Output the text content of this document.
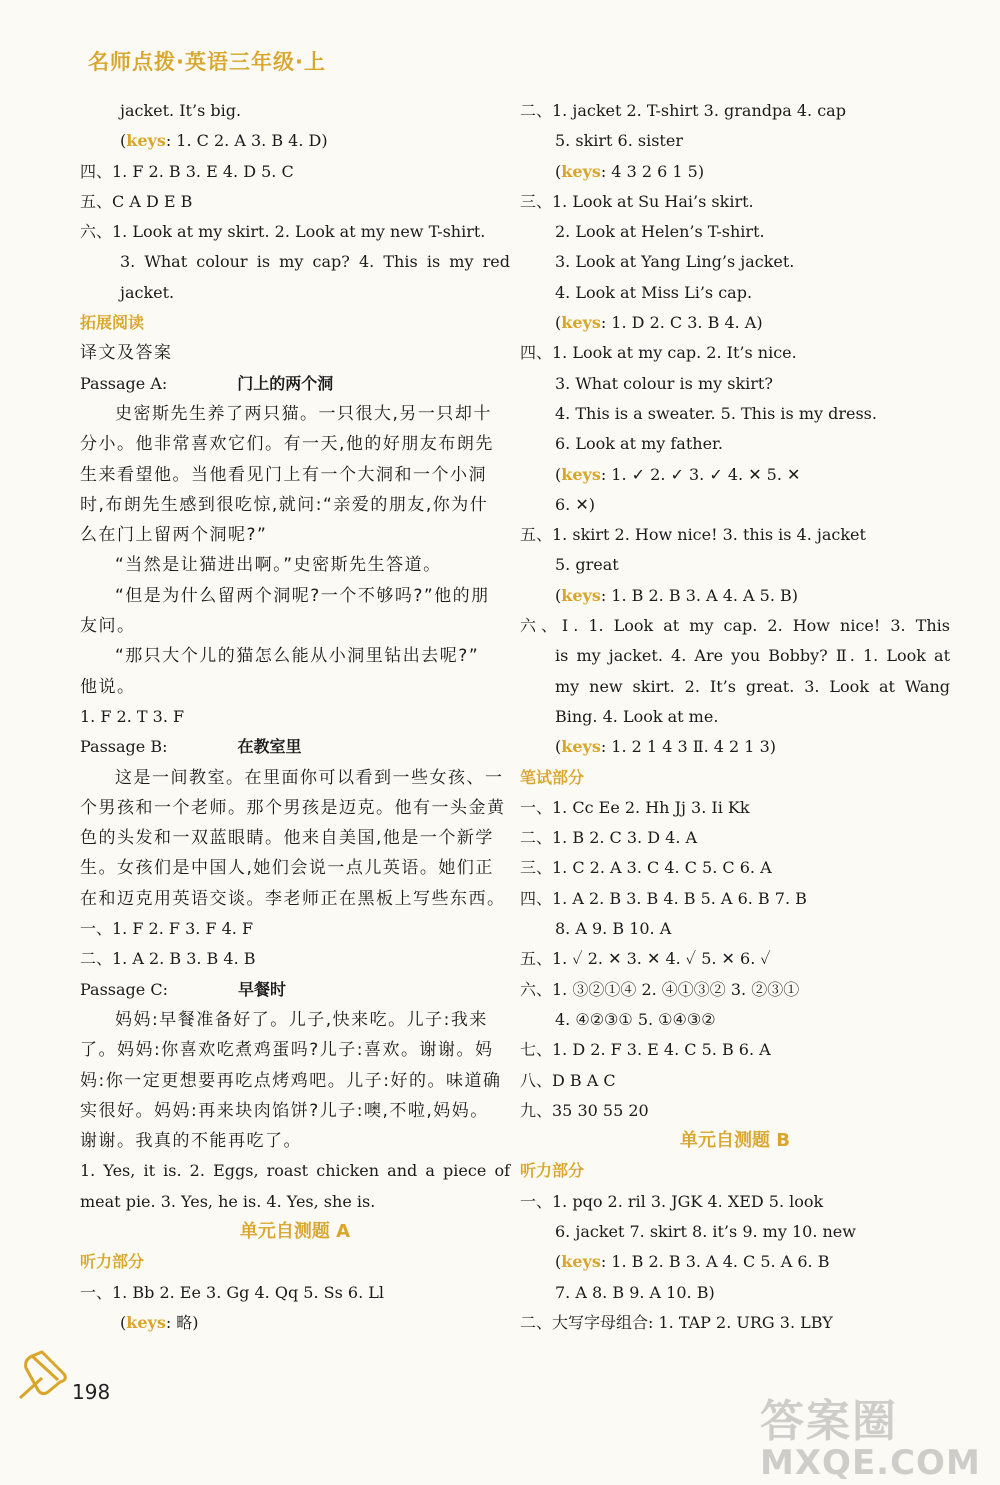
名师点拨·英语三年级·上
jacket. It’s big.
(keys: 1. C 2. A 3. B 4. D)
四、1. F 2. B 3. E 4. D 5. C
五、C A D E B
六、1. Look at my skirt. 2. Look at my new T-shirt.
3. What colour is my cap? 4. This is my red
jacket.
拓展阅读
译文及答案
Passage A:	门上的两个洞
史密斯先生养了两只猫。一只很大,另一只却十
分小。他非常喜欢它们。有一天,他的好朋友布朗先
生来看望他。当他看见门上有一个大洞和一个小洞
时,布朗先生感到很吃惊,就问:“亲爱的朋友,你为什
么在门上留两个洞呢?”
“当然是让猫进出啊。”史密斯先生答道。
“但是为什么留两个洞呢?一个不够吗?”他的朋
友问。
“那只大个儿的猫怎么能从小洞里钻出去呢?”
他说。
1. F 2. T 3. F
Passage B:	在教室里
这是一间教室。在里面你可以看到一些女孩、一
个男孩和一个老师。那个男孩是迈克。他有一头金黄
色的头发和一双蓝眼睛。他来自美国,他是一个新学
生。女孩们是中国人,她们会说一点儿英语。她们正
在和迈克用英语交谈。李老师正在黑板上写些东西。
一、1. F 2. F 3. F 4. F
二、1. A 2. B 3. B 4. B
Passage C:	早餐时
妈妈:早餐准备好了。儿子,快来吃。儿子:我来
了。妈妈:你喜欢吃煮鸡蛋吗?儿子:喜欢。谢谢。妈
妈:你一定更想要再吃点烤鸡吧。儿子:好的。味道确
实很好。妈妈:再来块肉馅饼?儿子:噢,不啦,妈妈。
谢谢。我真的不能再吃了。
1. Yes, it is. 2. Eggs, roast chicken and a piece of
meat pie. 3. Yes, he is. 4. Yes, she is.
单元自测题 A
听力部分
一、1. Bb 2. Ee 3. Gg 4. Qq 5. Ss 6. Ll
(keys: 略)
二、1. jacket 2. T-shirt 3. grandpa 4. cap
5. skirt 6. sister
(keys: 4 3 2 6 1 5)
三、1. Look at Su Hai’s skirt.
2. Look at Helen’s T-shirt.
3. Look at Yang Ling’s jacket.
4. Look at Miss Li’s cap.
(keys: 1. D 2. C 3. B 4. A)
四、1. Look at my cap. 2. It’s nice.
3. What colour is my skirt?
4. This is a sweater. 5. This is my dress.
6. Look at my father.
(keys: 1. ✓ 2. ✓ 3. ✓ 4. ✕ 5. ✕
6. ✕)
五、1. skirt 2. How nice! 3. this is 4. jacket
5. great
(keys: 1. B 2. B 3. A 4. A 5. B)
六、Ⅰ. 1. Look at my cap. 2. How nice! 3. This
is my jacket. 4. Are you Bobby? Ⅱ. 1. Look at
my new skirt. 2. It’s great. 3. Look at Wang
Bing. 4. Look at me.
(keys: 1. 2 1 4 3 Ⅱ. 4 2 1 3)
笔试部分
一、1. Cc Ee 2. Hh Jj 3. Ii Kk
二、1. B 2. C 3. D 4. A
三、1. C 2. A 3. C 4. C 5. C 6. A
四、1. A 2. B 3. B 4. B 5. A 6. B 7. B
8. A 9. B 10. A
五、1. ✓ 2. ✕ 3. ✕ 4. ✓ 5. ✕ 6. ✓
六、1. ③②①④ 2. ④①③② 3. ②③①
4. ④②③① 5. ①④③②
七、1. D 2. F 3. E 4. C 5. B 6. A
八、D B A C
九、35 30 55 20
单元自测题 B
听力部分
一、1. pqo 2. ril 3. JGK 4. XED 5. look
6. jacket 7. skirt 8. it’s 9. my 10. new
(keys: 1. B 2. B 3. A 4. C 5. A 6. B
7. A 8. B 9. A 10. B)
二、大写字母组合: 1. TAP 2. URG 3. LBY
198
答案圈
MXQE.COM
